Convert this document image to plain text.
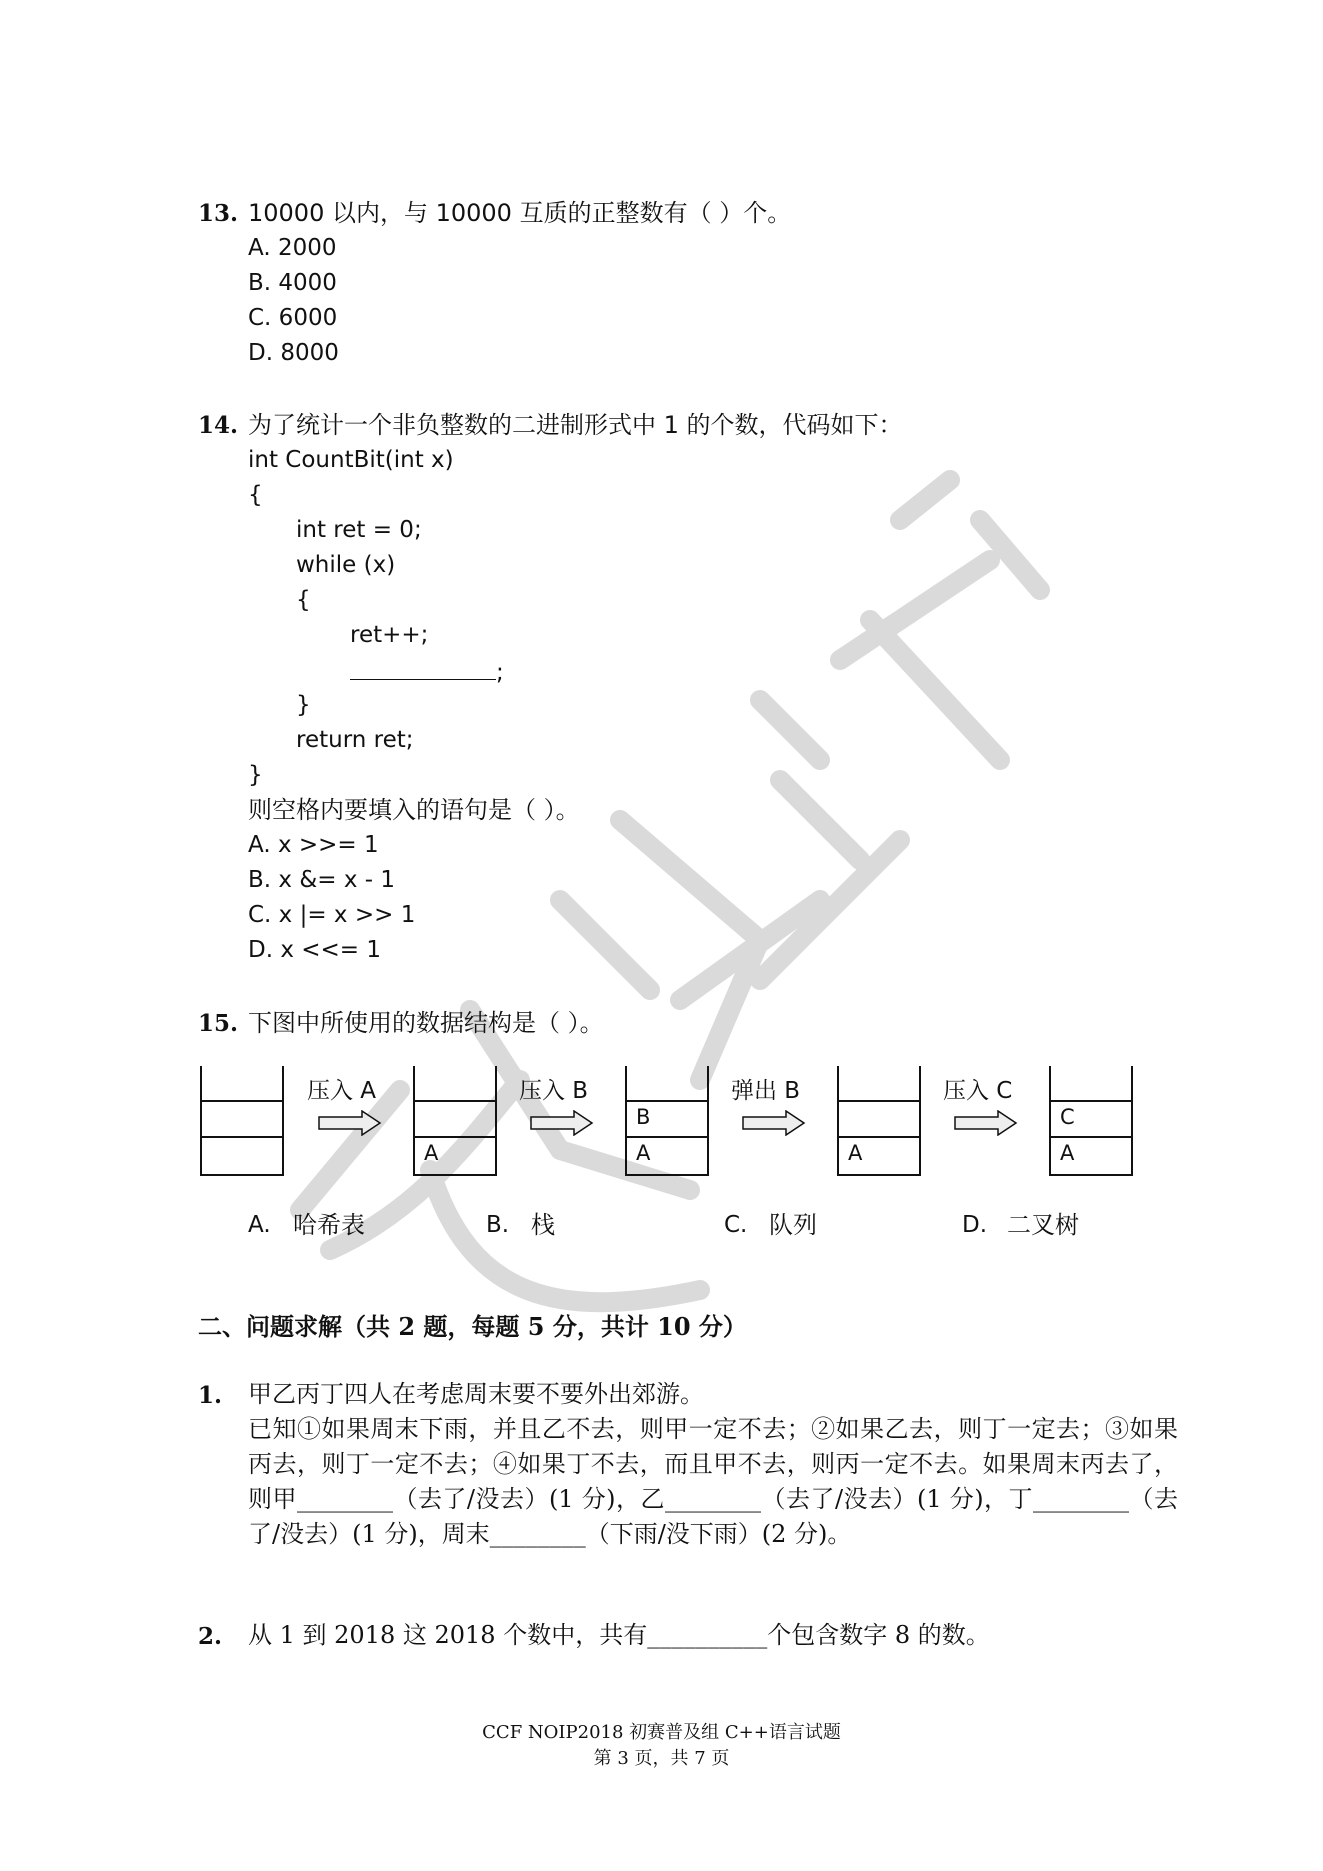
13. 10000 以内，与 10000 互质的正整数有（ ）个。
A. 2000
B. 4000
C. 6000
D. 8000
14. 为了统计一个非负整数的二进制形式中 1 的个数，代码如下：
int CountBit(int x)
{
int ret = 0;
while (x)
{
ret++;
;
}
return ret;
}
则空格内要填入的语句是（ ）。
A. x >>= 1
B. x &= x - 1
C. x |= x >> 1
D. x <<= 1
15. 下图中所使用的数据结构是（ ）。
压入 A
A
压入 B
B
A
弹出 B
A
压入 C
C
A
A. 哈希表	B. 栈	C. 队列	D. 二叉树
二、问题求解（共 2 题，每题 5 分，共计 10 分）
1. 甲乙丙丁四人在考虑周末要不要外出郊游。
已知①如果周末下雨，并且乙不去，则甲一定不去；②如果乙去，则丁一定去；③如果丙去，则丁一定不去；④如果丁不去，而且甲不去，则丙一定不去。如果周末丙去了，则甲________（去了/没去）(1 分)，乙________（去了/没去）(1 分)，丁________（去了/没去）(1 分)，周末________（下雨/没下雨）(2 分)。
2. 从 1 到 2018 这 2018 个数中，共有__________个包含数字 8 的数。
CCF NOIP2018 初赛普及组 C++语言试题
第 3 页，共 7 页
